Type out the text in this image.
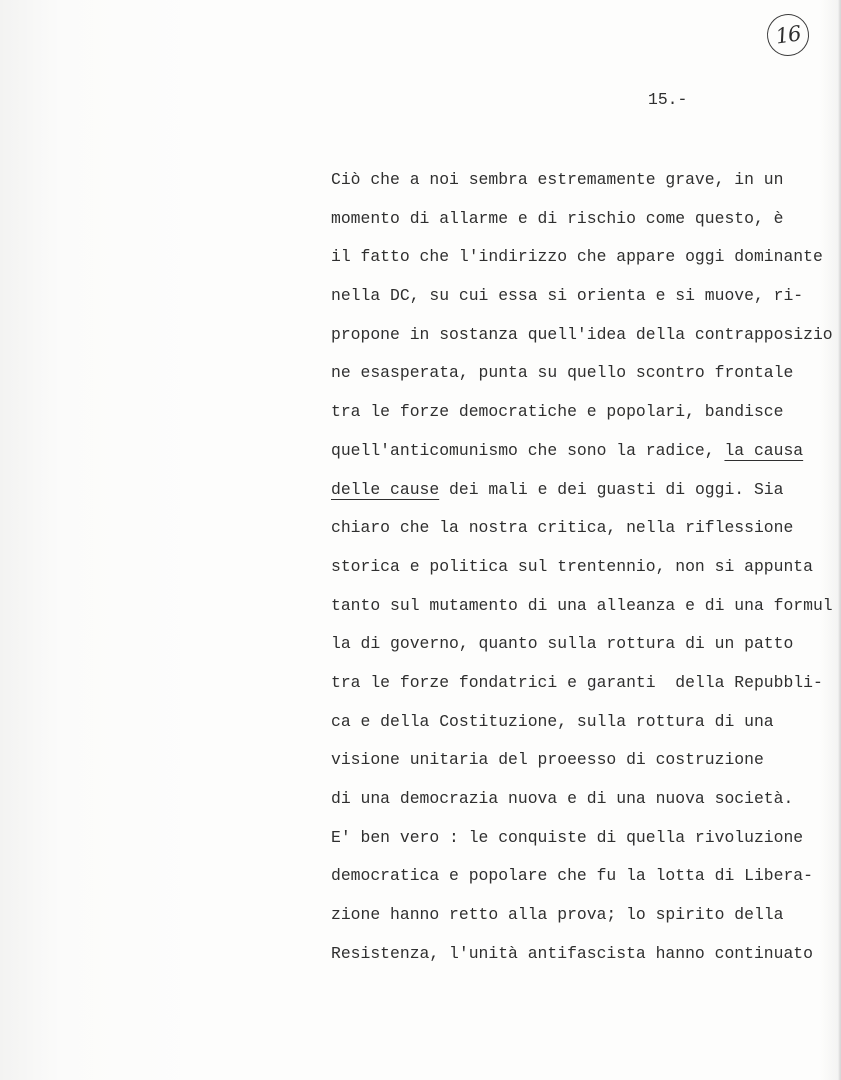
16
15.-
Ciò che a noi sembra estremamente grave, in un
momento di allarme e di rischio come questo, è
il fatto che l'indirizzo che appare oggi dominante
nella DC, su cui essa si orienta e si muove, ri-
propone in sostanza quell'idea della contrapposizio
ne esasperata, punta su quello scontro frontale
tra le forze democratiche e popolari, bandisce
quell'anticomunismo che sono la radice, la causa
delle cause dei mali e dei guasti di oggi. Sia
chiaro che la nostra critica, nella riflessione
storica e politica sul trentennio, non si appunta
tanto sul mutamento di una alleanza e di una formul
la di governo, quanto sulla rottura di un patto
tra le forze fondatrici e garanti  della Repubbli-
ca e della Costituzione, sulla rottura di una
visione unitaria del proeesso di costruzione
di una democrazia nuova e di una nuova società.
E' ben vero : le conquiste di quella rivoluzione
democratica e popolare che fu la lotta di Libera-
zione hanno retto alla prova; lo spirito della
Resistenza, l'unità antifascista hanno continuato
